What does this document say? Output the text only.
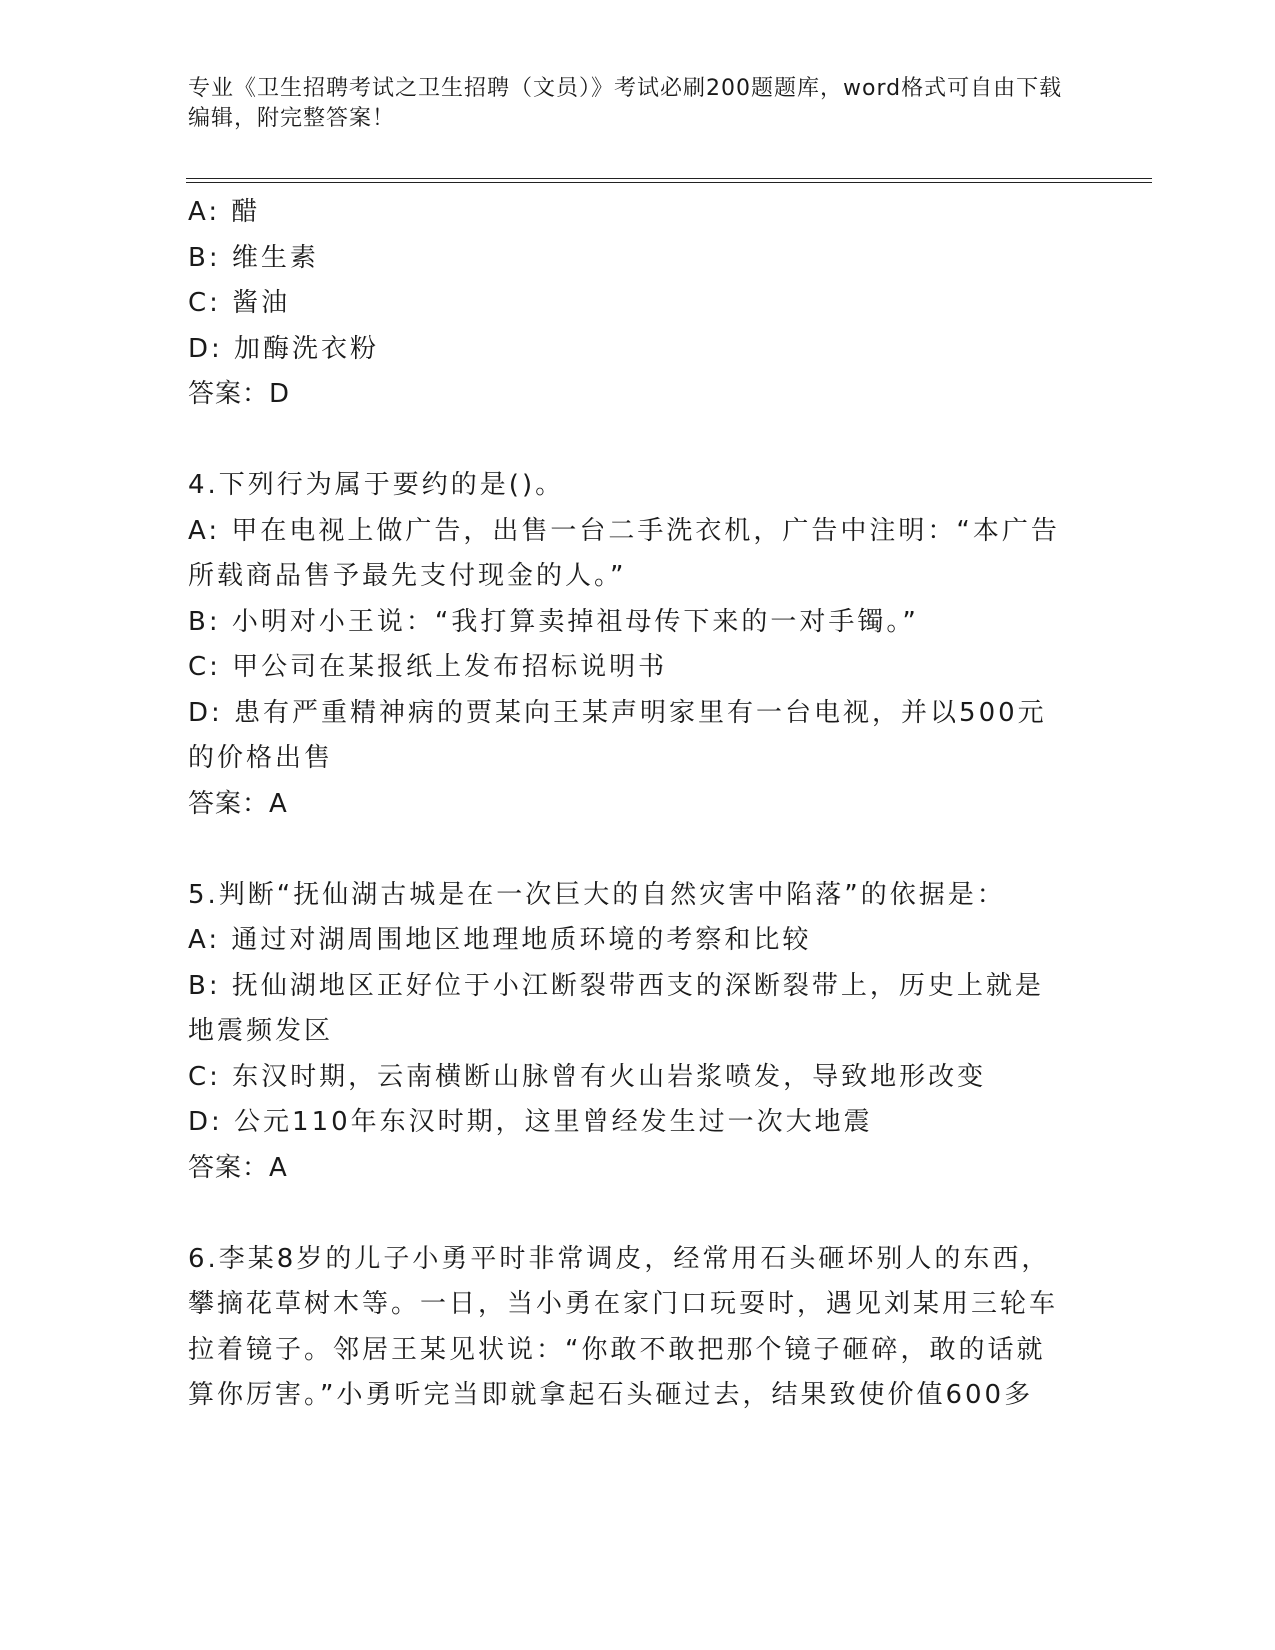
专业《卫生招聘考试之卫生招聘（文员）》考试必刷200题题库，word格式可自由下载编辑，附完整答案！
A: 醋
B: 维生素
C: 酱油
D: 加酶洗衣粉
答案：D
4.下列行为属于要约的是()。
A: 甲在电视上做广告，出售一台二手洗衣机，广告中注明：“本广告所载商品售予最先支付现金的人。”
B: 小明对小王说：“我打算卖掉祖母传下来的一对手镯。”
C: 甲公司在某报纸上发布招标说明书
D: 患有严重精神病的贾某向王某声明家里有一台电视，并以500元的价格出售
答案：A
5.判断“抚仙湖古城是在一次巨大的自然灾害中陷落”的依据是：
A: 通过对湖周围地区地理地质环境的考察和比较
B: 抚仙湖地区正好位于小江断裂带西支的深断裂带上，历史上就是地震频发区
C: 东汉时期，云南横断山脉曾有火山岩浆喷发，导致地形改变
D: 公元110年东汉时期，这里曾经发生过一次大地震
答案：A
6.李某8岁的儿子小勇平时非常调皮，经常用石头砸坏别人的东西，攀摘花草树木等。一日，当小勇在家门口玩耍时，遇见刘某用三轮车拉着镜子。邻居王某见状说：“你敢不敢把那个镜子砸碎，敢的话就算你厉害。”小勇听完当即就拿起石头砸过去，结果致使价值600多
